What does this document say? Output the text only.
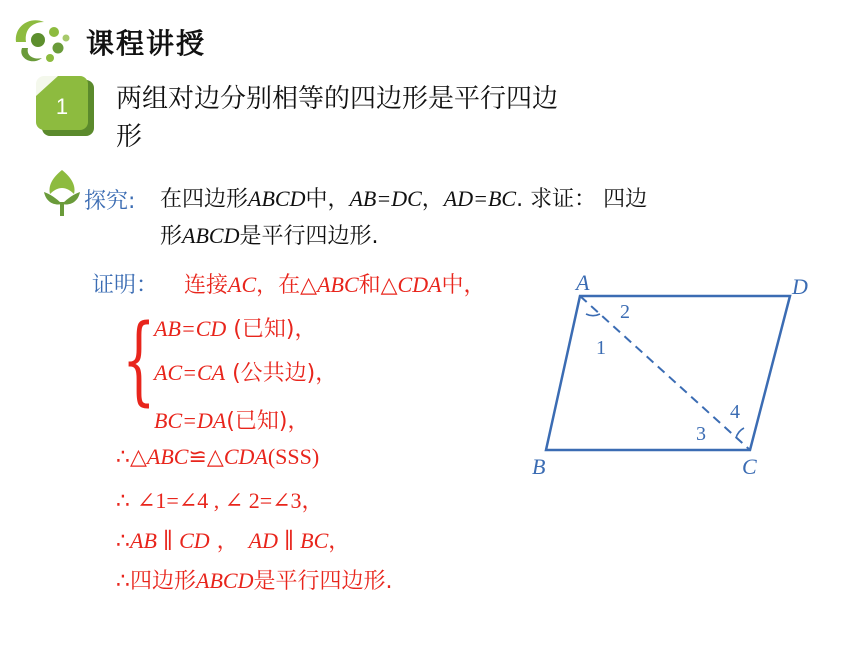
课程讲授
1 两组对边分别相等的四边形是平行四边形
探究: 在四边形ABCD中，AB=DC，AD=BC. 求证： 四边
形ABCD是平行四边形.
证明： 连接AC，在△ABC和△CDA中，
{
AB=CD (已知)，
AC=CA (公共边)，
BC=DA(已知)，
∴△ABC≌△CDA(SSS)
∴ ∠1=∠4 , ∠ 2=∠3，
∴AB ∥ CD ， AD ∥ BC，
∴四边形ABCD是平行四边形.
A	D
B	C
1
2
3
4
